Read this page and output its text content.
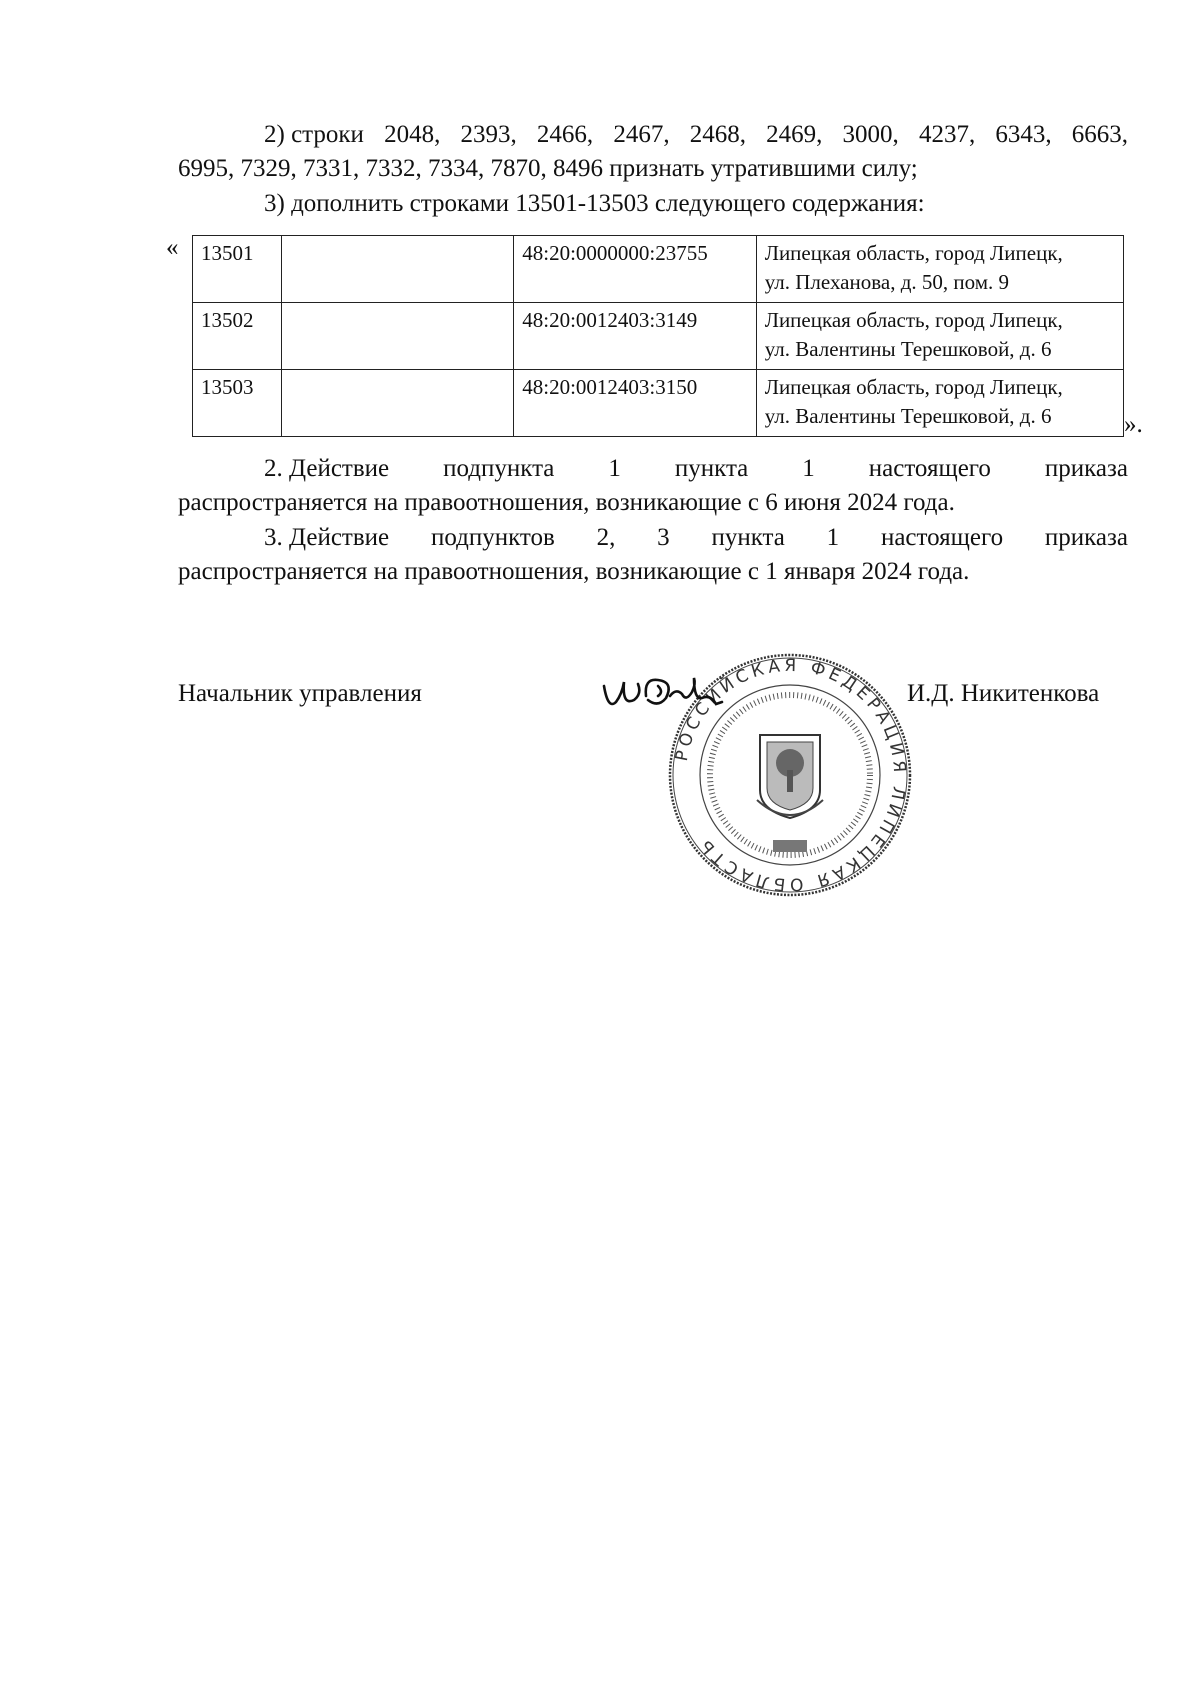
2) строки 2048, 2393, 2466, 2467, 2468, 2469, 3000, 4237, 6343, 6663,
6995, 7329, 7331, 7332, 7334, 7870, 8496 признать утратившими силу;
3) дополнить строками 13501-13503 следующего содержания:
« 13501		48:20:0000000:23755	Липецкая область, город Липецк,
ул. Плеханова, д. 50, пом. 9

13502		48:20:0012403:3149	Липецкая область, город Липецк,
ул. Валентины Терешковой, д. 6

13503		48:20:0012403:3150	Липецкая область, город Липецк,
ул. Валентины Терешковой, д. 6	».
2. Действие подпункта 1 пункта 1 настоящего приказа
распространяется на правоотношения, возникающие с 6 июня 2024 года.
3. Действие подпунктов 2, 3 пункта 1 настоящего приказа
распространяется на правоотношения, возникающие с 1 января 2024 года.
РОССИЙСКАЯ ФЕДЕРАЦИЯ ЛИПЕЦКАЯ ОБЛАСТЬ
Начальник управления	И.Д. Никитенкова
